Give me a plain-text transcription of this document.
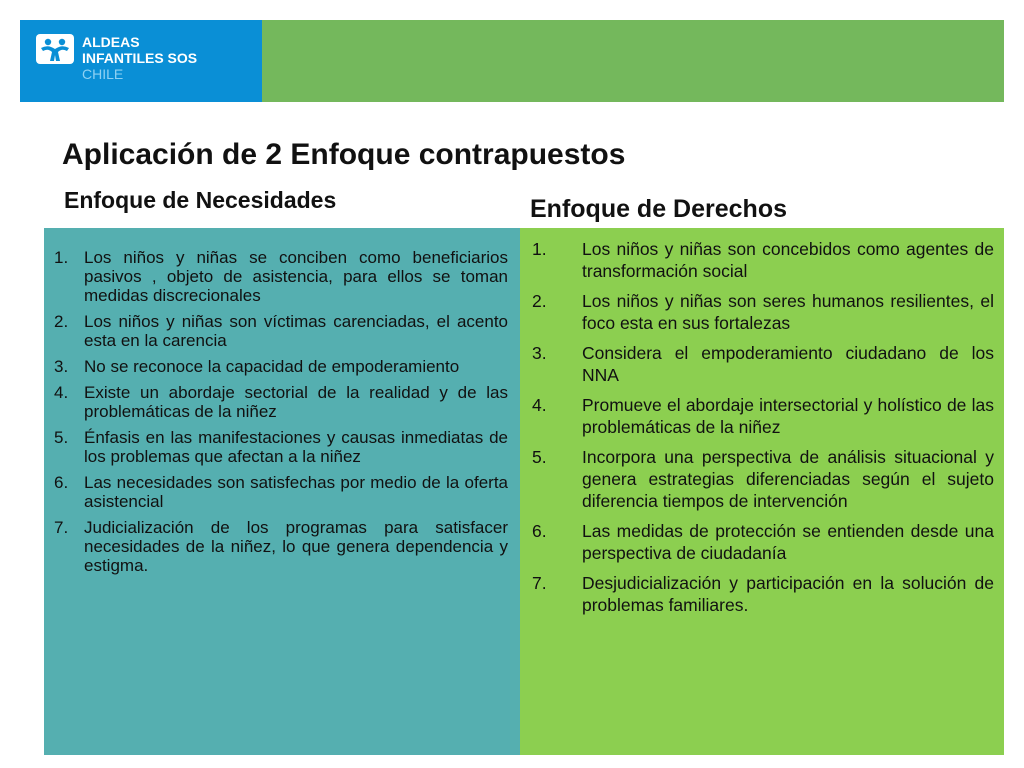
ALDEAS
INFANTILES SOS
CHILE
Aplicación de 2 Enfoque contrapuestos
Enfoque de Necesidades	Enfoque de Derechos
1. Los niños y niñas se conciben como beneficiarios pasivos , objeto de asistencia, para ellos se toman medidas discrecionales
2. Los niños y niñas son víctimas carenciadas, el acento esta en la carencia
3. No se reconoce la capacidad de empoderamiento
4. Existe un abordaje sectorial de la realidad y de las problemáticas de la niñez
5. Énfasis en las manifestaciones y causas inmediatas de los problemas que afectan a la niñez
6. Las necesidades son satisfechas por medio de la oferta asistencial
7. Judicialización de los programas para satisfacer necesidades de la niñez, lo que genera dependencia y estigma.
1.	Los niños y niñas son concebidos como agentes de transformación social
2.	Los niños y niñas son seres humanos resilientes, el foco esta en sus fortalezas
3.	Considera el empoderamiento ciudadano de los NNA
4.	Promueve el abordaje intersectorial y holístico de las problemáticas de la niñez
5.	Incorpora una perspectiva de análisis situacional y genera estrategias diferenciadas según el sujeto diferencia tiempos de intervención
6.	Las medidas de protección se entienden desde una perspectiva de ciudadanía
7.	Desjudicialización y participación en la solución de problemas familiares.
